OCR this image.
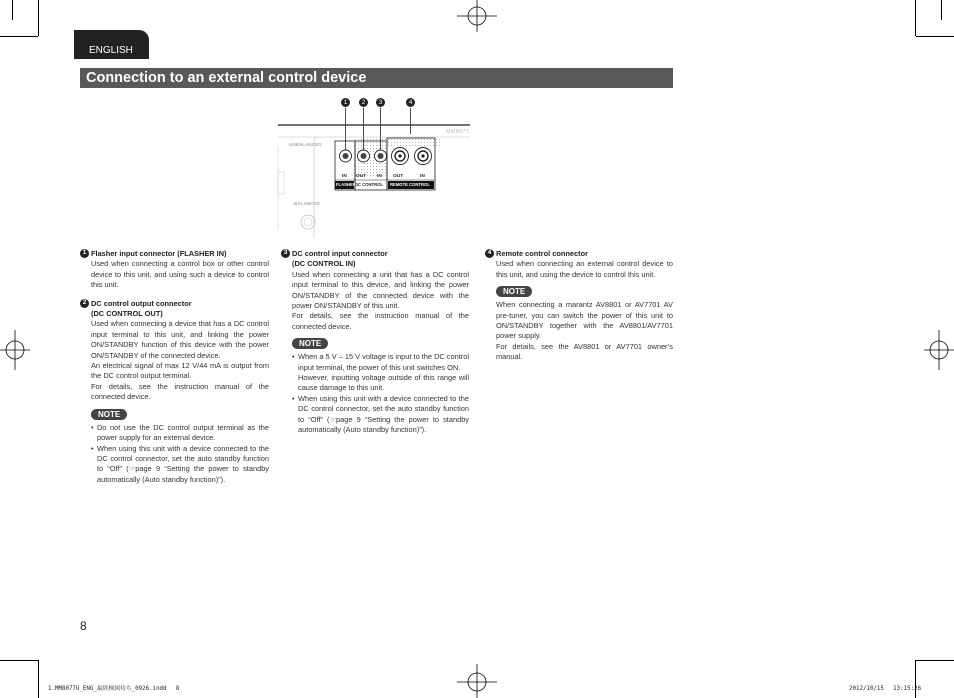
ENGLISH
Connection to an external control device
1	2	3	4
MM8077
UNBALANCED
BALANCED
IN OUT IN OUT	IN
FLASHER DC CONTROL REMOTE CONTROL
1 Flasher input connector (FLASHER IN)
Used when connecting a control box or other control device to this unit, and using such a device to control this unit.
2 DC control output connector
(DC CONTROL OUT)
Used when connecting a device that has a DC control input terminal to this unit, and linking the power ON/STANDBY function of this device with the power ON/STANDBY of the connected device.
An electrical signal of max 12 V/44 mA is output from the DC control output terminal.
For details, see the instruction manual of the connected device.
NOTE
• Do not use the DC control output terminal as the power supply for an external device.
• When using this unit with a device connected to the DC control connector, set the auto standby function to “Off” (☞page 9 “Setting the power to standby automatically (Auto standby function)”).
3 DC control input connector
(DC CONTROL IN)
Used when connecting a unit that has a DC control input terminal to this device, and linking the power ON/STANDBY of the connected device with the power ON/STANDBY of this unit.
For details, see the instruction manual of the connected device.
NOTE
• When a 5 V – 15 V voltage is input to the DC control input terminal, the power of this unit switches ON.
However, inputting voltage outside of this range will cause damage to this unit.
• When using this unit with a device connected to the DC control connector, set the auto standby function to “Off” (☞page 9 “Setting the power to standby automatically (Auto standby function)”).
4 Remote control connector
Used when connecting an external control device to this unit, and using the device to control this unit.
NOTE
When connecting a marantz AV8801 or AV7701 AV pre-tuner, you can switch the power of this unit to ON/STANDBY together with the AV8801/AV7701 power supply.
For details, see the AV8801 or AV7701 owner’s manual.
8
1.MM8077U_ENG_最終検図待ち_0926.indd　 8	2012/10/15　 13:15:26
